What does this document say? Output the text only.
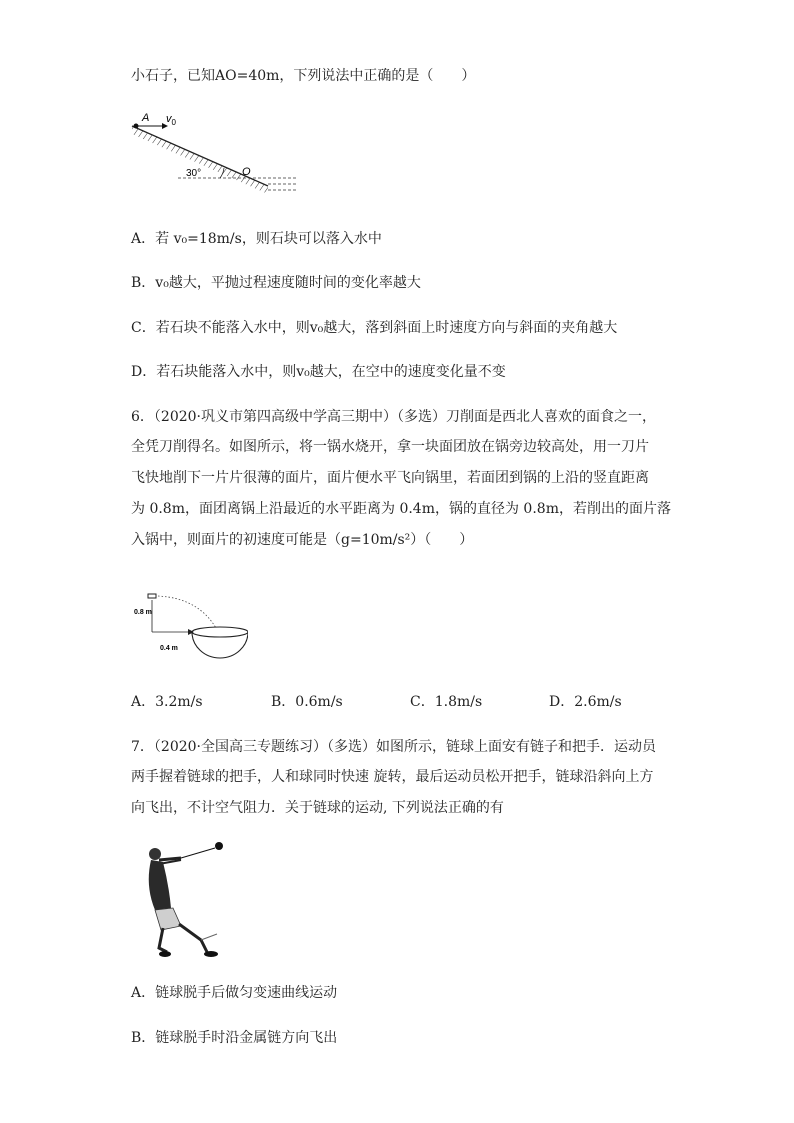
小石子，已知AO=40m，下列说法中正确的是（　　）
A $v_0$
30°	O
A．若 v₀=18m/s，则石块可以落入水中
B．v₀越大，平抛过程速度随时间的变化率越大
C．若石块不能落入水中，则v₀越大，落到斜面上时速度方向与斜面的夹角越大
D．若石块能落入水中，则v₀越大，在空中的速度变化量不变
6．（2020·巩义市第四高级中学高三期中）（多选）刀削面是西北人喜欢的面食之一，
全凭刀削得名。如图所示，将一锅水烧开，拿一块面团放在锅旁边较高处，用一刀片
飞快地削下一片片很薄的面片，面片便水平飞向锅里，若面团到锅的上沿的竖直距离
为 0.8m，面团离锅上沿最近的水平距离为 0.4m，锅的直径为 0.8m，若削出的面片落
入锅中，则面片的初速度可能是（g=10m/s²）（　　）
0.8 m
0.4 m
A．3.2m/s	B．0.6m/s	C．1.8m/s	D．2.6m/s
7．（2020·全国高三专题练习）（多选）如图所示，链球上面安有链子和把手．运动员
两手握着链球的把手，人和球同时快速 旋转，最后运动员松开把手，链球沿斜向上方
向飞出，不计空气阻力．关于链球的运动, 下列说法正确的有
A．链球脱手后做匀变速曲线运动
B．链球脱手时沿金属链方向飞出
